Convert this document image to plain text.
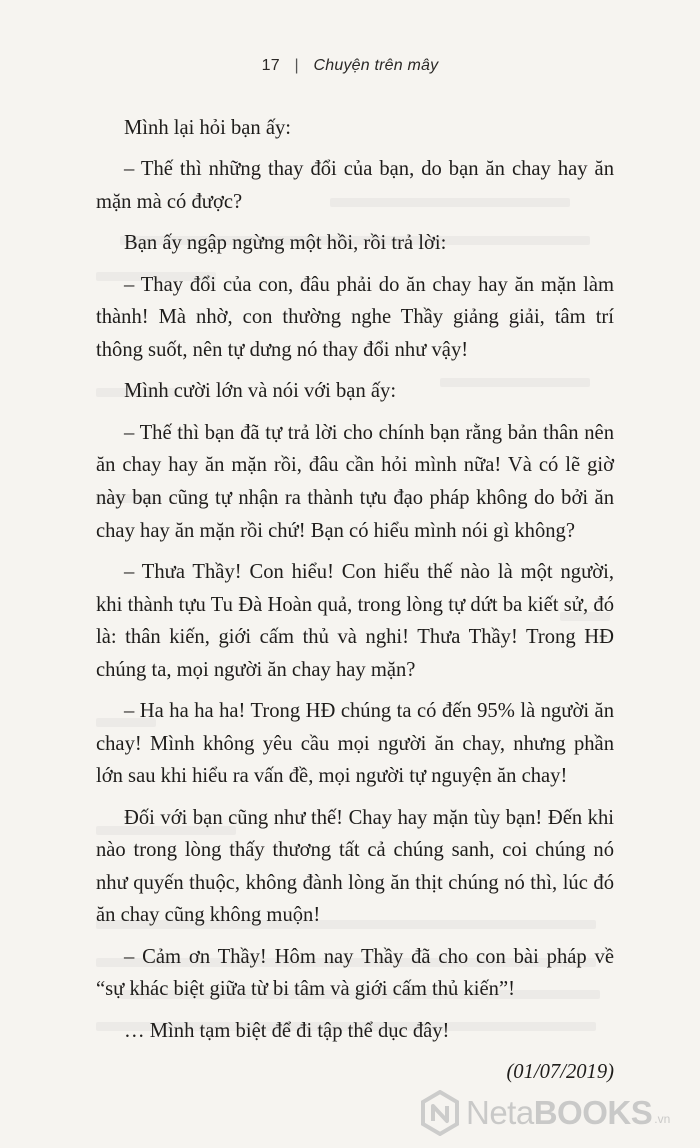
17 | Chuyện trên mây

Mình lại hỏi bạn ấy:

– Thế thì những thay đổi của bạn, do bạn ăn chay hay ăn mặn mà có được?

Bạn ấy ngập ngừng một hồi, rồi trả lời:

– Thay đổi của con, đâu phải do ăn chay hay ăn mặn làm thành! Mà nhờ, con thường nghe Thầy giảng giải, tâm trí thông suốt, nên tự dưng nó thay đổi như vậy!

Mình cười lớn và nói với bạn ấy:

– Thế thì bạn đã tự trả lời cho chính bạn rằng bản thân nên ăn chay hay ăn mặn rồi, đâu cần hỏi mình nữa! Và có lẽ giờ này bạn cũng tự nhận ra thành tựu đạo pháp không do bởi ăn chay hay ăn mặn rồi chứ! Bạn có hiểu mình nói gì không?

– Thưa Thầy! Con hiểu! Con hiểu thế nào là một người, khi thành tựu Tu Đà Hoàn quả, trong lòng tự dứt ba kiết sử, đó là: thân kiến, giới cấm thủ và nghi! Thưa Thầy! Trong HĐ chúng ta, mọi người ăn chay hay mặn?

– Ha ha ha ha! Trong HĐ chúng ta có đến 95% là người ăn chay! Mình không yêu cầu mọi người ăn chay, nhưng phần lớn sau khi hiểu ra vấn đề, mọi người tự nguyện ăn chay!

Đối với bạn cũng như thế! Chay hay mặn tùy bạn! Đến khi nào trong lòng thấy thương tất cả chúng sanh, coi chúng nó như quyến thuộc, không đành lòng ăn thịt chúng nó thì, lúc đó ăn chay cũng không muộn!

– Cảm ơn Thầy! Hôm nay Thầy đã cho con bài pháp về “sự khác biệt giữa từ bi tâm và giới cấm thủ kiến”!

… Mình tạm biệt để đi tập thể dục đây!

(01/07/2019)

NetaBOOKS .vn
